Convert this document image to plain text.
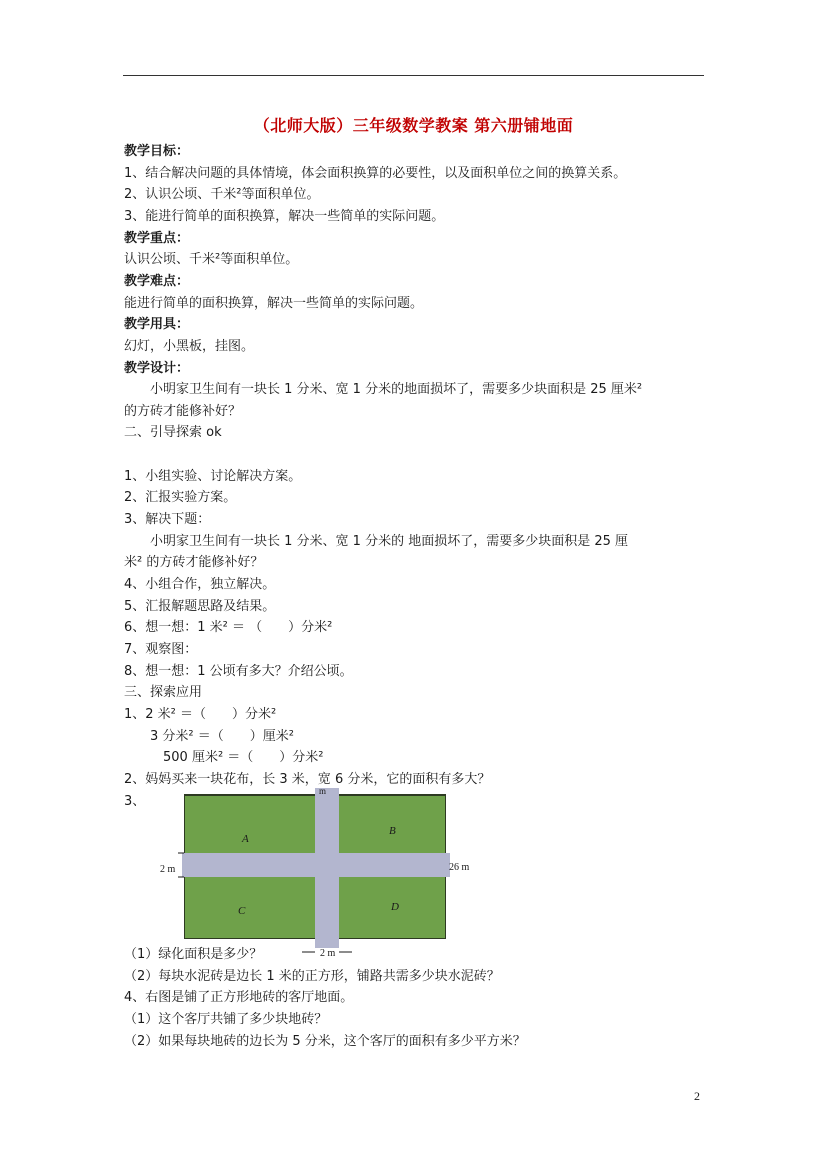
（北师大版）三年级数学教案 第六册铺地面
教学目标：
1、结合解决问题的具体情境，体会面积换算的必要性，以及面积单位之间的换算关系。
2、认识公顷、千米²等面积单位。
3、能进行简单的面积换算，解决一些简单的实际问题。
教学重点：
认识公顷、千米²等面积单位。
教学难点：
能进行简单的面积换算，解决一些简单的实际问题。
教学用具：
幻灯，小黑板，挂图。
教学设计：
小明家卫生间有一块长 1 分米、宽 1 分米的地面损坏了，需要多少块面积是 25 厘米²
的方砖才能修补好？
二、引导探索 ok
1、小组实验、讨论解决方案。
2、汇报实验方案。
3、解决下题：
小明家卫生间有一块长 1 分米、宽 1 分米的 地面损坏了，需要多少块面积是 25 厘
米² 的方砖才能修补好？
4、小组合作，独立解决。
5、汇报解题思路及结果。
6、想一想：1 米² ＝ （　　）分米²
7、观察图：
8、想一想：1 公顷有多大？介绍公顷。
三、探索应用
1、2 米² ＝（　　）分米²
3 分米² ＝（　　）厘米²
500 厘米² ＝（　　）分米²
2、妈妈买来一块花布，长 3 米，宽 6 分米，它的面积有多大？
3、
A
B
C	D
2 m	26 m
2 m
m
（1）绿化面积是多少？
（2）每块水泥砖是边长 1 米的正方形，铺路共需多少块水泥砖？
4、右图是铺了正方形地砖的客厅地面。
（1）这个客厅共铺了多少块地砖？
（2）如果每块地砖的边长为 5 分米，这个客厅的面积有多少平方米？
2
